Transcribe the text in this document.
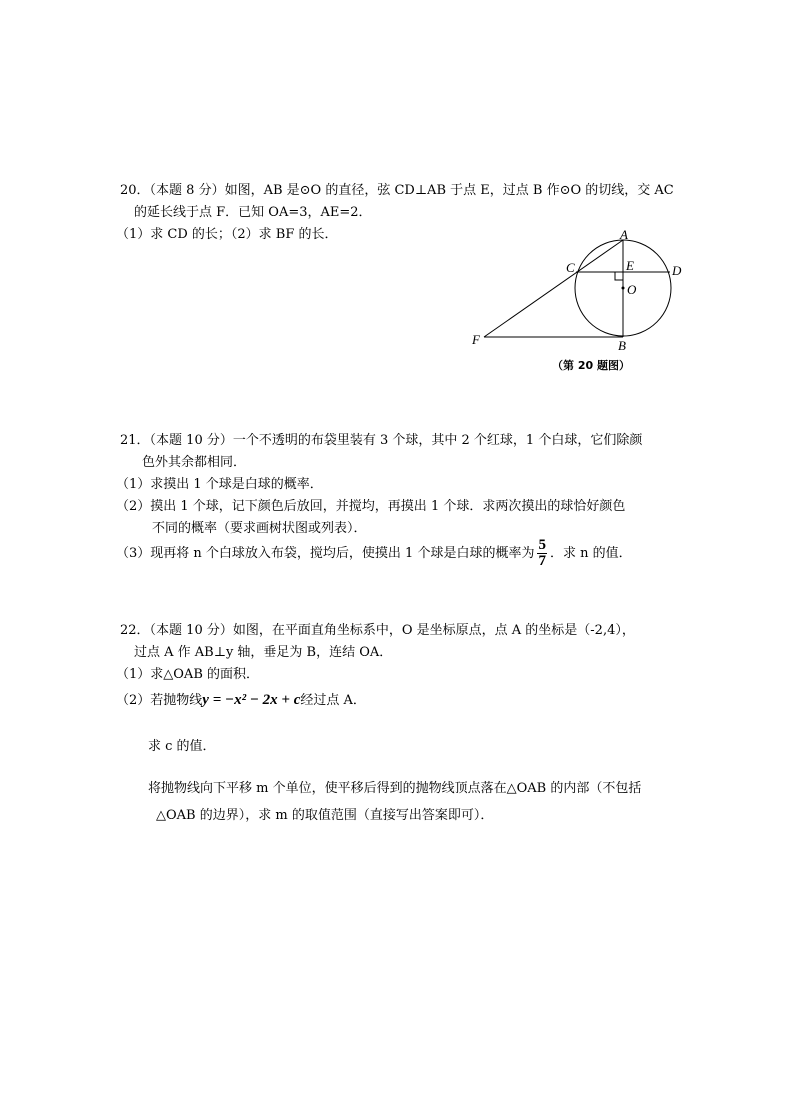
20．（本题 8 分）如图，AB 是⊙O 的直径，弦 CD⊥AB 于点 E，过点 B 作⊙O 的切线，交 AC
的延长线于点 F．已知 OA=3，AE=2．
（1）求 CD 的长；（2）求 BF 的长．	A
C	E	D
O
F	B
（第 20 题图）
21．（本题 10 分）一个不透明的布袋里装有 3 个球，其中 2 个红球，1 个白球，它们除颜
色外其余都相同．
（1）求摸出 1 个球是白球的概率．
（2）摸出 1 个球，记下颜色后放回，并搅均，再摸出 1 个球．求两次摸出的球恰好颜色
不同的概率（要求画树状图或列表）．
（3）现再将 n 个白球放入布袋，搅均后，使摸出 1 个球是白球的概率为 $\frac{5}{7}$ ．求 n 的值．
22．（本题 10 分）如图，在平面直角坐标系中，O 是坐标原点，点 A 的坐标是（-2,4），
过点 A 作 AB⊥y 轴，垂足为 B，连结 OA．
（1）求△OAB 的面积．
（2）若抛物线y = −x² − 2x + c经过点 A．
求 c 的值．
将抛物线向下平移 m 个单位，使平移后得到的抛物线顶点落在△OAB 的内部（不包括
△OAB 的边界），求 m 的取值范围（直接写出答案即可）．
